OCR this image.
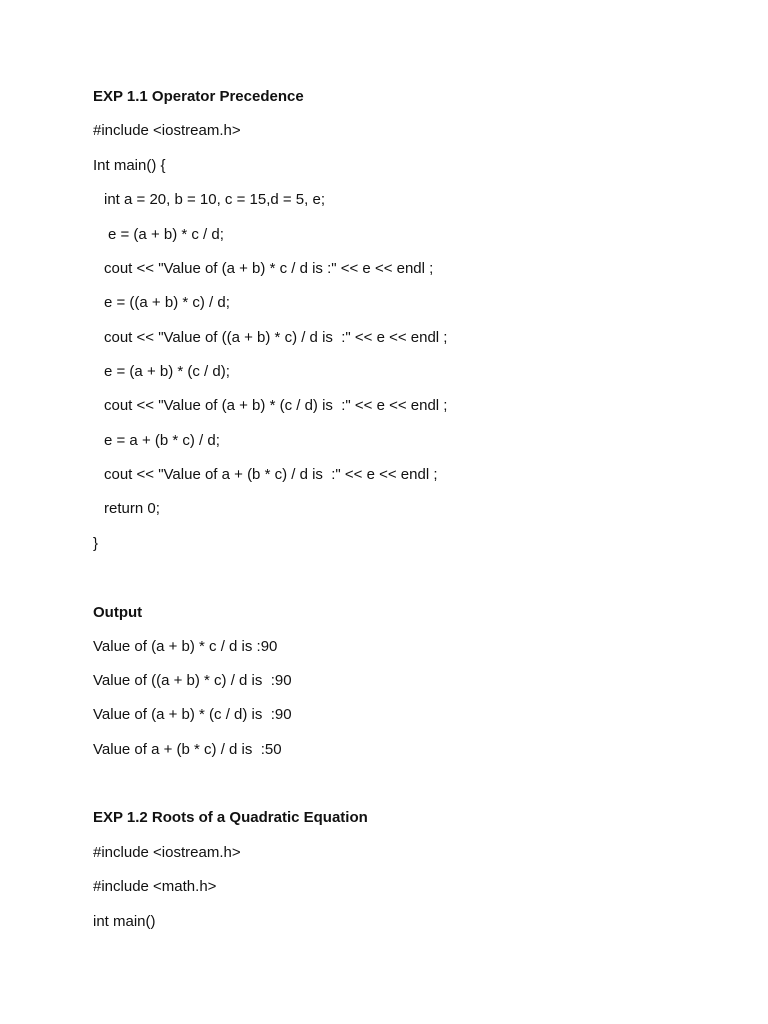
EXP 1.1 Operator Precedence
#include <iostream.h>
Int main() {
int a = 20, b = 10, c = 15,d = 5, e;
e = (a + b) * c / d;
cout << "Value of (a + b) * c / d is :" << e << endl ;
e = ((a + b) * c) / d;
cout << "Value of ((a + b) * c) / d is  :" << e << endl ;
e = (a + b) * (c / d);
cout << "Value of (a + b) * (c / d) is  :" << e << endl ;
e = a + (b * c) / d;
cout << "Value of a + (b * c) / d is  :" << e << endl ;
return 0;
}
Output
Value of (a + b) * c / d is :90
Value of ((a + b) * c) / d is  :90
Value of (a + b) * (c / d) is  :90
Value of a + (b * c) / d is  :50
EXP 1.2 Roots of a Quadratic Equation
#include <iostream.h>
#include <math.h>
int main()
